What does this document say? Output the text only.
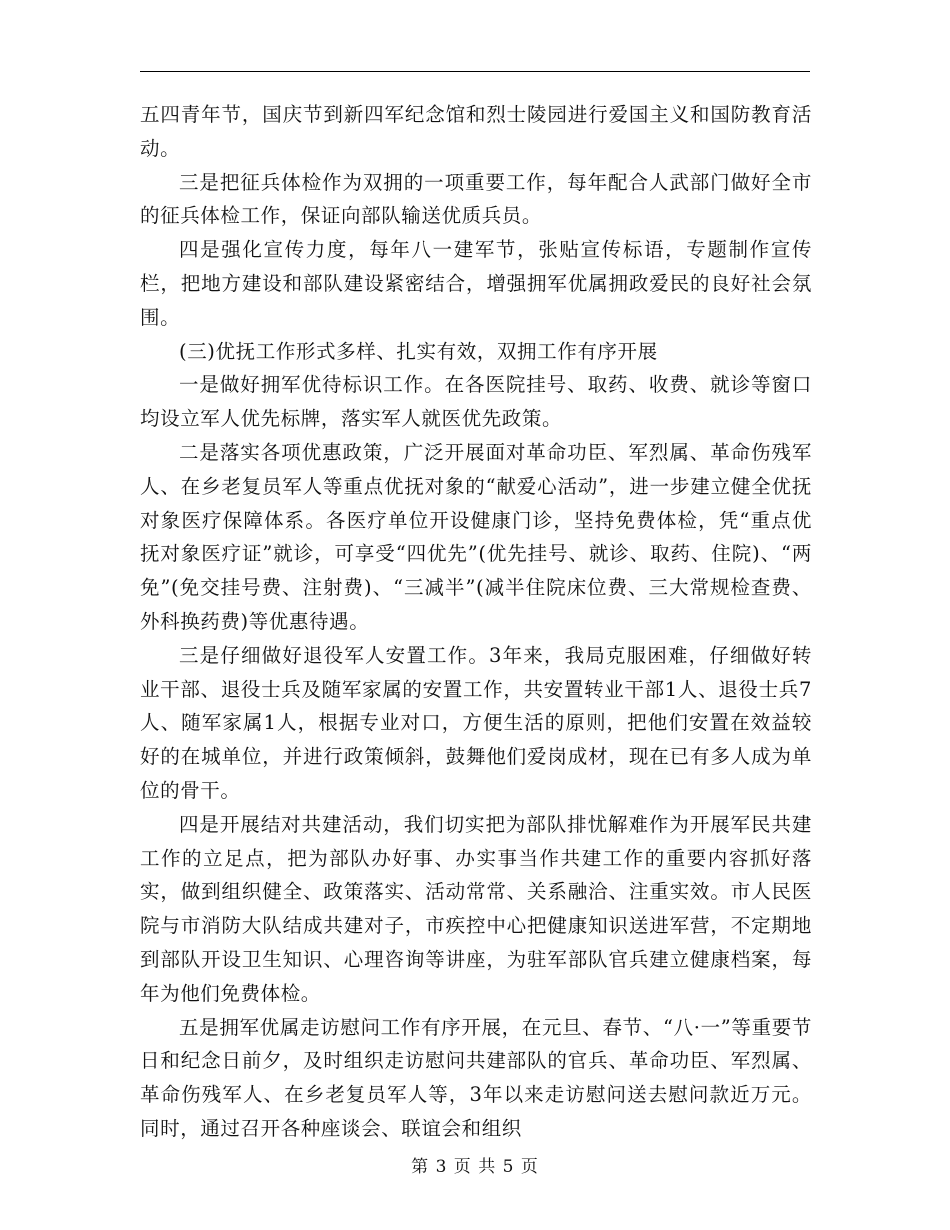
五四青年节，国庆节到新四军纪念馆和烈士陵园进行爱国主义和国防教育活动。

三是把征兵体检作为双拥的一项重要工作，每年配合人武部门做好全市的征兵体检工作，保证向部队输送优质兵员。

四是强化宣传力度，每年八一建军节，张贴宣传标语，专题制作宣传栏，把地方建设和部队建设紧密结合，增强拥军优属拥政爱民的良好社会氛围。

(三)优抚工作形式多样、扎实有效，双拥工作有序开展

一是做好拥军优待标识工作。在各医院挂号、取药、收费、就诊等窗口均设立军人优先标牌，落实军人就医优先政策。

二是落实各项优惠政策，广泛开展面对革命功臣、军烈属、革命伤残军人、在乡老复员军人等重点优抚对象的“献爱心活动”，进一步建立健全优抚对象医疗保障体系。各医疗单位开设健康门诊，坚持免费体检，凭“重点优抚对象医疗证”就诊，可享受“四优先”(优先挂号、就诊、取药、住院)、“两免”(免交挂号费、注射费)、“三减半”(减半住院床位费、三大常规检查费、外科换药费)等优惠待遇。

三是仔细做好退役军人安置工作。3年来，我局克服困难，仔细做好转业干部、退役士兵及随军家属的安置工作，共安置转业干部1人、退役士兵7人、随军家属1人，根据专业对口，方便生活的原则，把他们安置在效益较好的在城单位，并进行政策倾斜，鼓舞他们爱岗成材，现在已有多人成为单位的骨干。

四是开展结对共建活动，我们切实把为部队排忧解难作为开展军民共建工作的立足点，把为部队办好事、办实事当作共建工作的重要内容抓好落实，做到组织健全、政策落实、活动常常、关系融洽、注重实效。市人民医院与市消防大队结成共建对子，市疾控中心把健康知识送进军营，不定期地到部队开设卫生知识、心理咨询等讲座，为驻军部队官兵建立健康档案，每年为他们免费体检。

五是拥军优属走访慰问工作有序开展，在元旦、春节、“八·一”等重要节日和纪念日前夕，及时组织走访慰问共建部队的官兵、革命功臣、军烈属、革命伤残军人、在乡老复员军人等，3年以来走访慰问送去慰问款近万元。同时，通过召开各种座谈会、联谊会和组织

第 3 页 共 5 页
